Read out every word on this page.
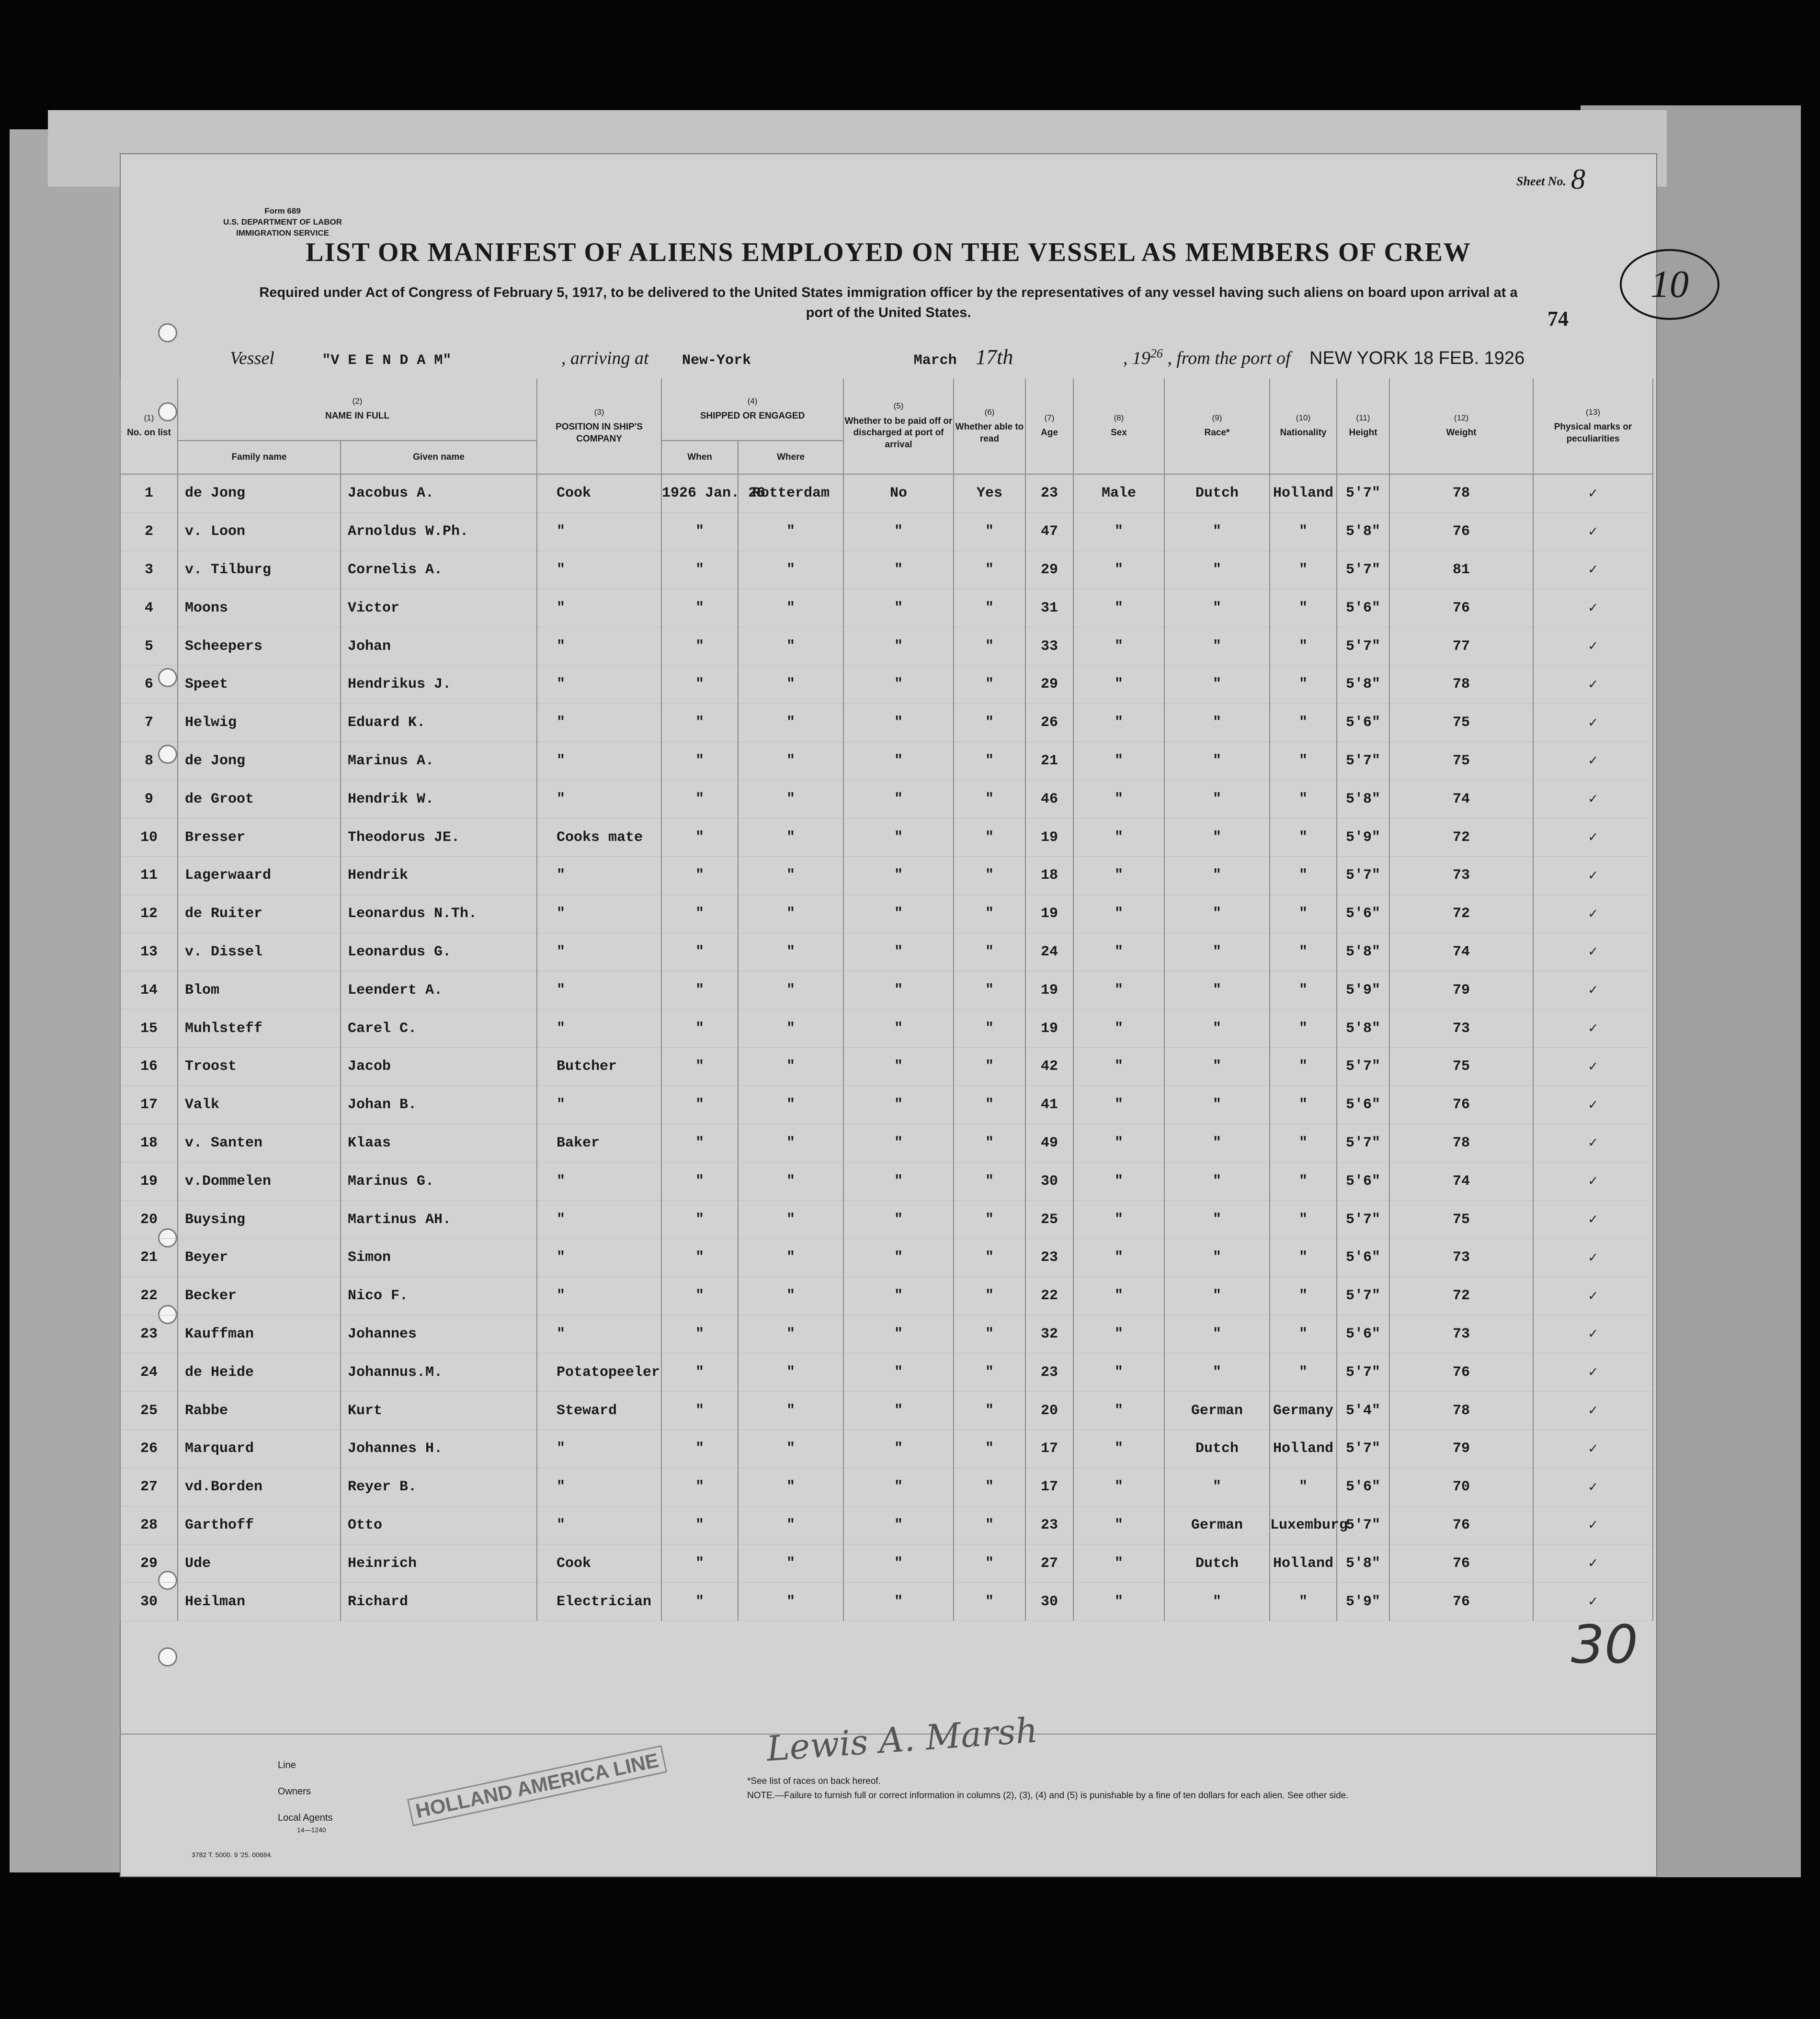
Form 689
U.S. DEPARTMENT OF LABOR
IMMIGRATION SERVICE
Sheet No. 8
10
LIST OR MANIFEST OF ALIENS EMPLOYED ON THE VESSEL AS MEMBERS OF CREW
Required under Act of Congress of February 5, 1917, to be delivered to the United States immigration officer by the representatives of any vessel having such aliens on board upon arrival at a port of the United States.	74
Vessel	"V E E N D A M"	, arriving at New-York	March 17th	, $19^{26}$ , from the port of NEW YORK 18 FEB. 1926
(1)
No. on list	(2)
NAME IN FULL		(3)
POSITION IN SHIP'S COMPANY	(4)
SHIPPED OR ENGAGED		(5)
Whether to be paid off or discharged at port of arrival	(6)
Whether able to read	(7)
Age	(8)
Sex	(9)
Race*	(10)
Nationality	(11)
Height	(12)
Weight	(13)
Physical marks or peculiarities
	Family name	Given name		When	Where									
1	de Jong	Jacobus A.	Cook	1926 Jan. 26	Rotterdam	No	Yes	23	Male	Dutch	Holland	5'7"	78	✓
2	v. Loon	Arnoldus W.Ph.	"	"	"	"	"	47	"	"	"	5'8"	76	✓
3	v. Tilburg	Cornelis A.	"	"	"	"	"	29	"	"	"	5'7"	81	✓
4	Moons	Victor	"	"	"	"	"	31	"	"	"	5'6"	76	✓
5	Scheepers	Johan	"	"	"	"	"	33	"	"	"	5'7"	77	✓
6	Speet	Hendrikus J.	"	"	"	"	"	29	"	"	"	5'8"	78	✓
7	Helwig	Eduard K.	"	"	"	"	"	26	"	"	"	5'6"	75	✓
8	de Jong	Marinus A.	"	"	"	"	"	21	"	"	"	5'7"	75	✓
9	de Groot	Hendrik W.	"	"	"	"	"	46	"	"	"	5'8"	74	✓
10	Bresser	Theodorus JE.	Cooks mate	"	"	"	"	19	"	"	"	5'9"	72	✓
11	Lagerwaard	Hendrik	"	"	"	"	"	18	"	"	"	5'7"	73	✓
12	de Ruiter	Leonardus N.Th.	"	"	"	"	"	19	"	"	"	5'6"	72	✓
13	v. Dissel	Leonardus G.	"	"	"	"	"	24	"	"	"	5'8"	74	✓
14	Blom	Leendert A.	"	"	"	"	"	19	"	"	"	5'9"	79	✓
15	Muhlsteff	Carel C.	"	"	"	"	"	19	"	"	"	5'8"	73	✓
16	Troost	Jacob	Butcher	"	"	"	"	42	"	"	"	5'7"	75	✓
17	Valk	Johan B.	"	"	"	"	"	41	"	"	"	5'6"	76	✓
18	v. Santen	Klaas	Baker	"	"	"	"	49	"	"	"	5'7"	78	✓
19	v.Dommelen	Marinus G.	"	"	"	"	"	30	"	"	"	5'6"	74	✓
20	Buysing	Martinus AH.	"	"	"	"	"	25	"	"	"	5'7"	75	✓
21	Beyer	Simon	"	"	"	"	"	23	"	"	"	5'6"	73	✓
22	Becker	Nico F.	"	"	"	"	"	22	"	"	"	5'7"	72	✓
23	Kauffman	Johannes	"	"	"	"	"	32	"	"	"	5'6"	73	✓
24	de Heide	Johannus.M.	Potatopeeler	"	"	"	"	23	"	"	"	5'7"	76	✓
25	Rabbe	Kurt	Steward	"	"	"	"	20	"	German	Germany	5'4"	78	✓
26	Marquard	Johannes H.	"	"	"	"	"	17	"	Dutch	Holland	5'7"	79	✓
27	vd.Borden	Reyer B.	"	"	"	"	"	17	"	"	"	5'6"	70	✓
28	Garthoff	Otto	"	"	"	"	"	23	"	German	Luxemburg	5'7"	76	✓
29	Ude	Heinrich	Cook	"	"	"	"	27	"	Dutch	Holland	5'8"	76	✓
30	Heilman	Richard	Electrician	"	"	"	"	30	"	"	"	5'9"	76	✓
30
Line
Owners
Local Agents
14—1240
HOLLAND AMERICA LINE
Lewis A. Marsh
*See list of races on back hereof.
NOTE.—Failure to furnish full or correct information in columns (2), (3), (4) and (5) is punishable by a fine of ten dollars for each alien. See other side.
3782 T. 5000. 9 '25. 00684.
